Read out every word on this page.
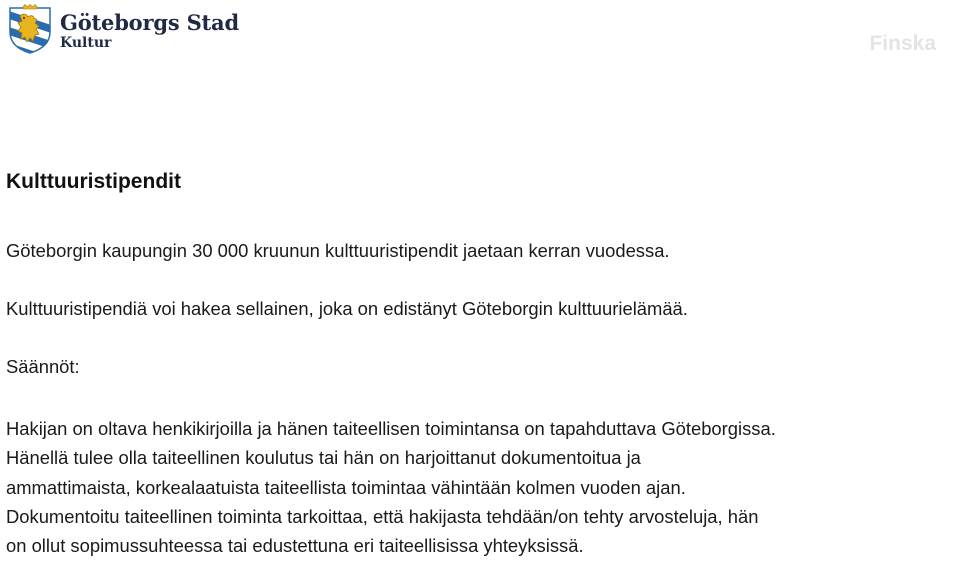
Göteborgs Stad
Kultur	Finska
Kulttuuristipendit
Göteborgin kaupungin 30 000 kruunun kulttuuristipendit jaetaan kerran vuodessa.
Kulttuuristipendiä voi hakea sellainen, joka on edistänyt Göteborgin kulttuurielämää.
Säännöt:
Hakijan on oltava henkikirjoilla ja hänen taiteellisen toimintansa on tapahduttava Göteborgissa.
Hänellä tulee olla taiteellinen koulutus tai hän on harjoittanut dokumentoitua ja
ammattimaista, korkealaatuista taiteellista toimintaa vähintään kolmen vuoden ajan.
Dokumentoitu taiteellinen toiminta tarkoittaa, että hakijasta tehdään/on tehty arvosteluja, hän
on ollut sopimussuhteessa tai edustettuna eri taiteellisissa yhteyksissä.
